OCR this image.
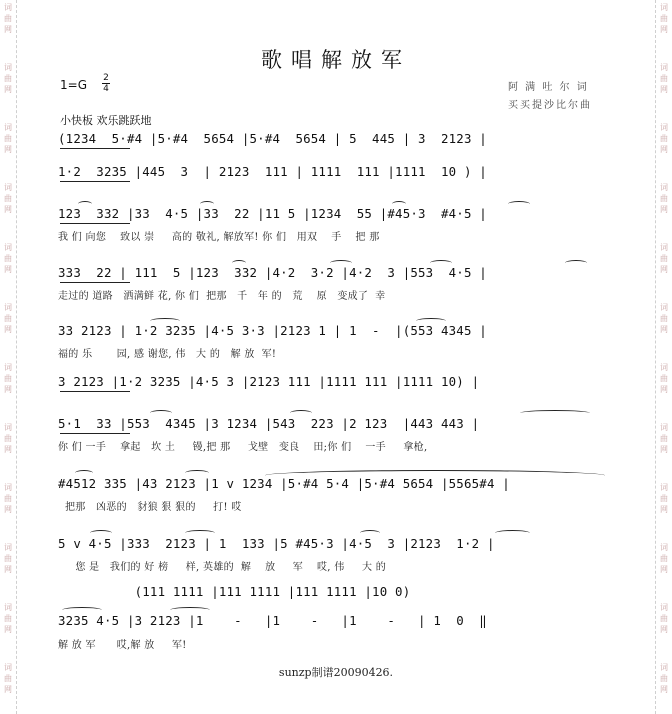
词
曲
网
词
曲
网
词
曲
网
词
曲
网
词
曲
网
词
曲
网
词
曲
网
词
曲
网
词
曲
网
词
曲
网
词
曲
网
词
曲
网
词
曲
网
词
曲
网
词
曲
网
词
曲
网
词
曲
网
词
曲
网
词
曲
网
词
曲
网
词
曲
网
词
曲
网
词
曲
网
词
曲
网
歌唱解放军
1=G 2
4	阿 满 吐 尔 词
买买提沙比尔曲
小快板 欢乐跳跃地
(1234  5·#4 |5·#4  5654 |5·#4  5654 | 5  445 | 3  2123 |
1·2  3235 |445  3  | 2123  111 | 1111  111 |1111  10 ) |
123  332 |33  4·5 |33  22 |11 5 |1234  55 |#45·3  #4·5 |
我 们 向您    致以 崇     高的 敬礼, 解放军! 你 们   用双    手    把 那
333  22 | 111  5 |123  332 |4·2  3·2 |4·2  3 |553  4·5 |
走过的 道路   洒满鲜 花, 你 们  把那   千   年 的   荒    原   变成了  幸
33 2123 | 1·2 3235 |4·5 3·3 |2123 1 | 1  -  |(553 4345 |
福的 乐       园, 感 谢您, 伟   大 的   解 放  军!
3 2123 |1·2 3235 |4·5 3 |2123 111 |1111 111 |1111 10) |
5·1  33 |553  4345 |3 1234 |543  223 |2 123  |443 443 |
你 们 一手    拿起   坎 土     镘,把 那     戈壁   变良    田;你 们    一手     拿枪,
#4512 335 |43 2123 |1 v 1234 |5·#4 5·4 |5·#4 5654 |5565#4 |
把那   凶恶的   豺狼 狠 狠的     打! 哎
5 v 4·5 |333  2123 | 1  133 |5 #45·3 |4·5  3 |2123  1·2 |
您 是   我们的 好 榜     样, 英雄的  解    放     军    哎, 伟     大 的
(111 1111 |111 1111 |111 1111 |10 0)
3235 4·5 |3 2123 |1    -   |1    -   |1    -   | 1  0  ‖
解 放 军      哎,解 放     军!
sunzp制谱20090426.
